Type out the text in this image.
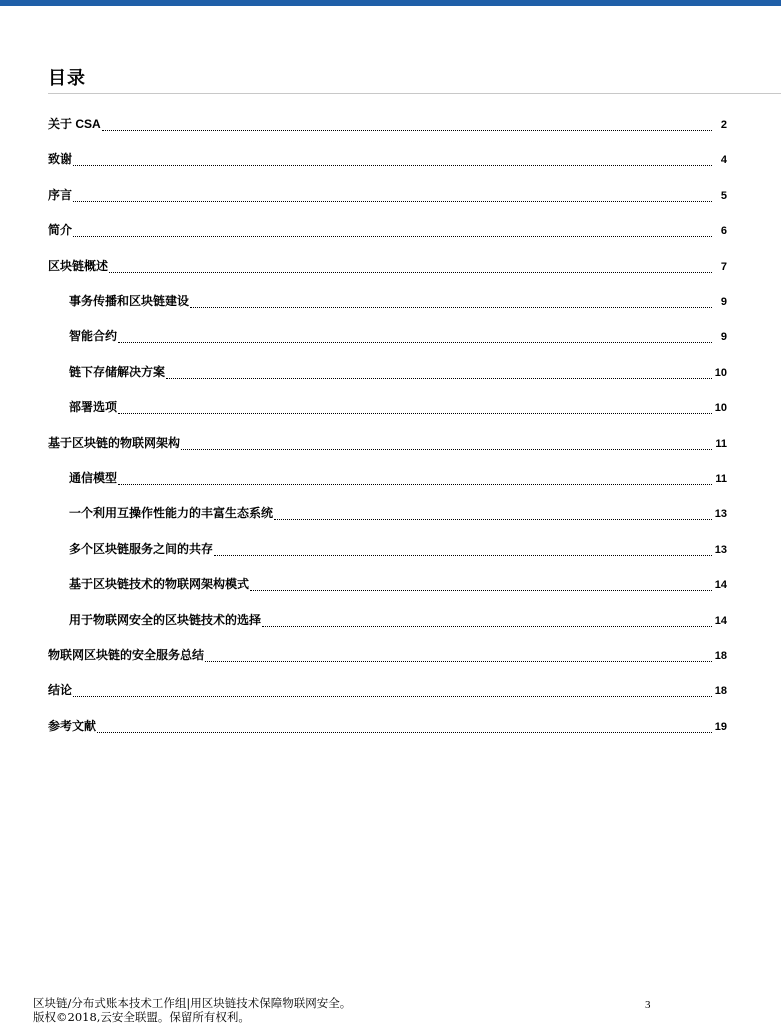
目录
关于 CSA	2
致谢	4
序言	5
简介	6
区块链概述	7
事务传播和区块链建设	9
智能合约	9
链下存储解决方案	10
部署选项	10
基于区块链的物联网架构	11
通信模型	11
一个利用互操作性能力的丰富生态系统	13
多个区块链服务之间的共存	13
基于区块链技术的物联网架构模式	14
用于物联网安全的区块链技术的选择	14
物联网区块链的安全服务总结	18
结论	18
参考文献	19
区块链/分布式账本技术工作组|用区块链技术保障物联网安全。
版权©2018,云安全联盟。保留所有权利。
3
